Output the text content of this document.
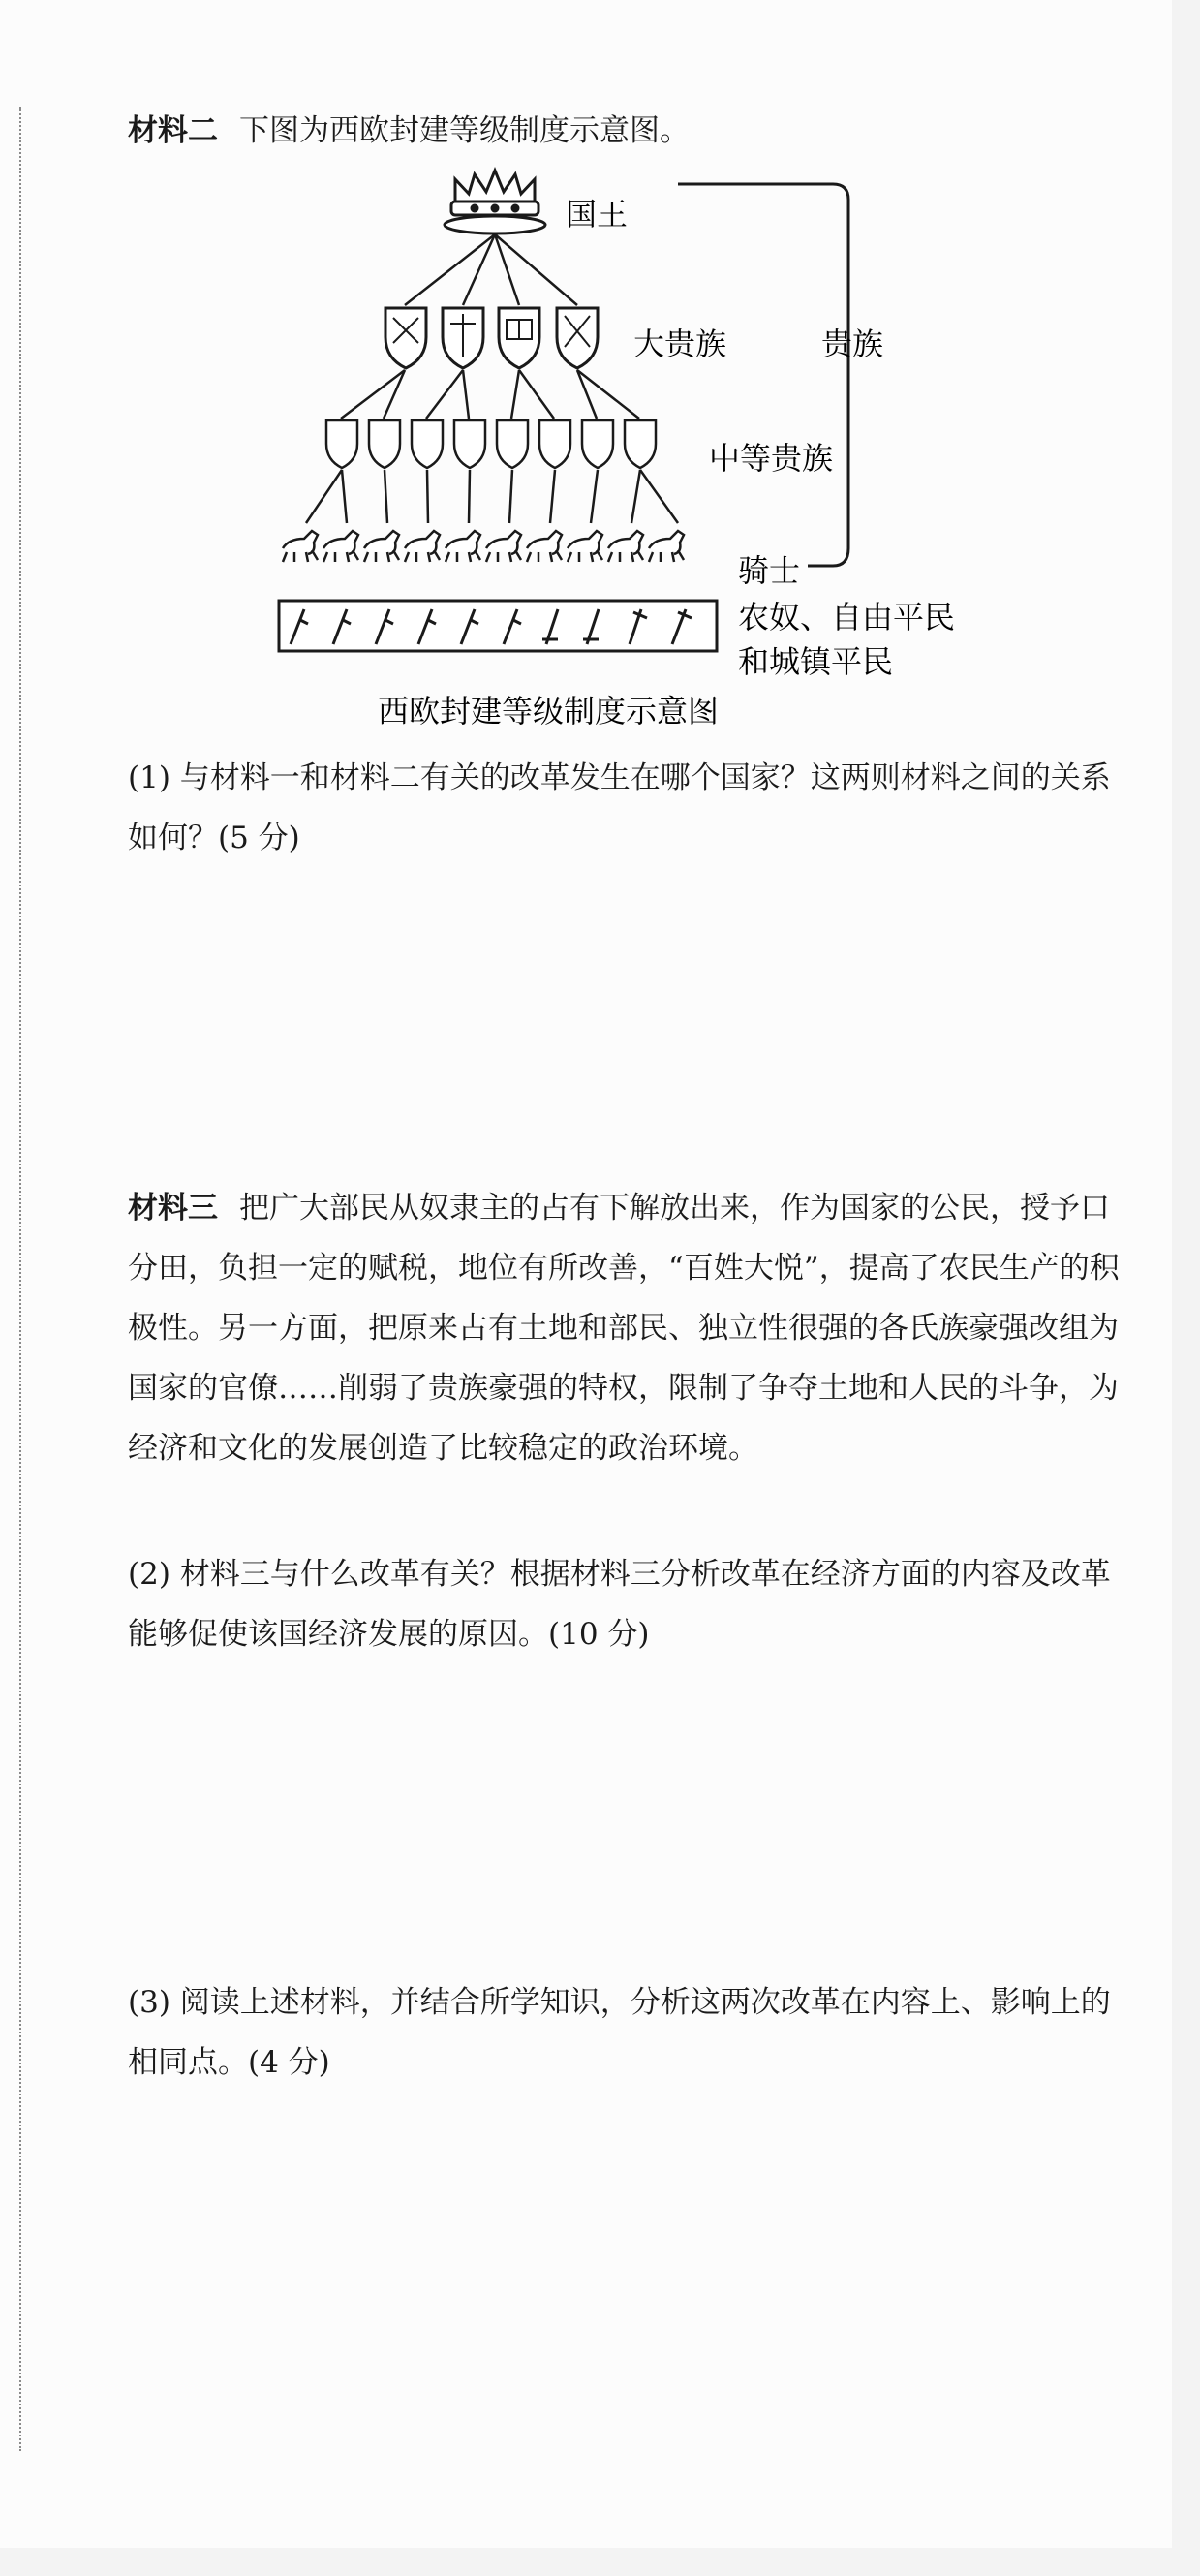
材料二 下图为西欧封建等级制度示意图。

国王
大贵族	贵族
中等贵族
骑士
农奴、自由平民
和城镇平民
西欧封建等级制度示意图

(1) 与材料一和材料二有关的改革发生在哪个国家？这两则材料之间的关系如何？(5 分)

材料三 把广大部民从奴隶主的占有下解放出来，作为国家的公民，授予口分田，负担一定的赋税，地位有所改善，“百姓大悦”，提高了农民生产的积极性。另一方面，把原来占有土地和部民、独立性很强的各氏族豪强改组为国家的官僚……削弱了贵族豪强的特权，限制了争夺土地和人民的斗争，为经济和文化的发展创造了比较稳定的政治环境。

(2) 材料三与什么改革有关？根据材料三分析改革在经济方面的内容及改革能够促使该国经济发展的原因。(10 分)

(3) 阅读上述材料，并结合所学知识，分析这两次改革在内容上、影响上的相同点。(4 分)
